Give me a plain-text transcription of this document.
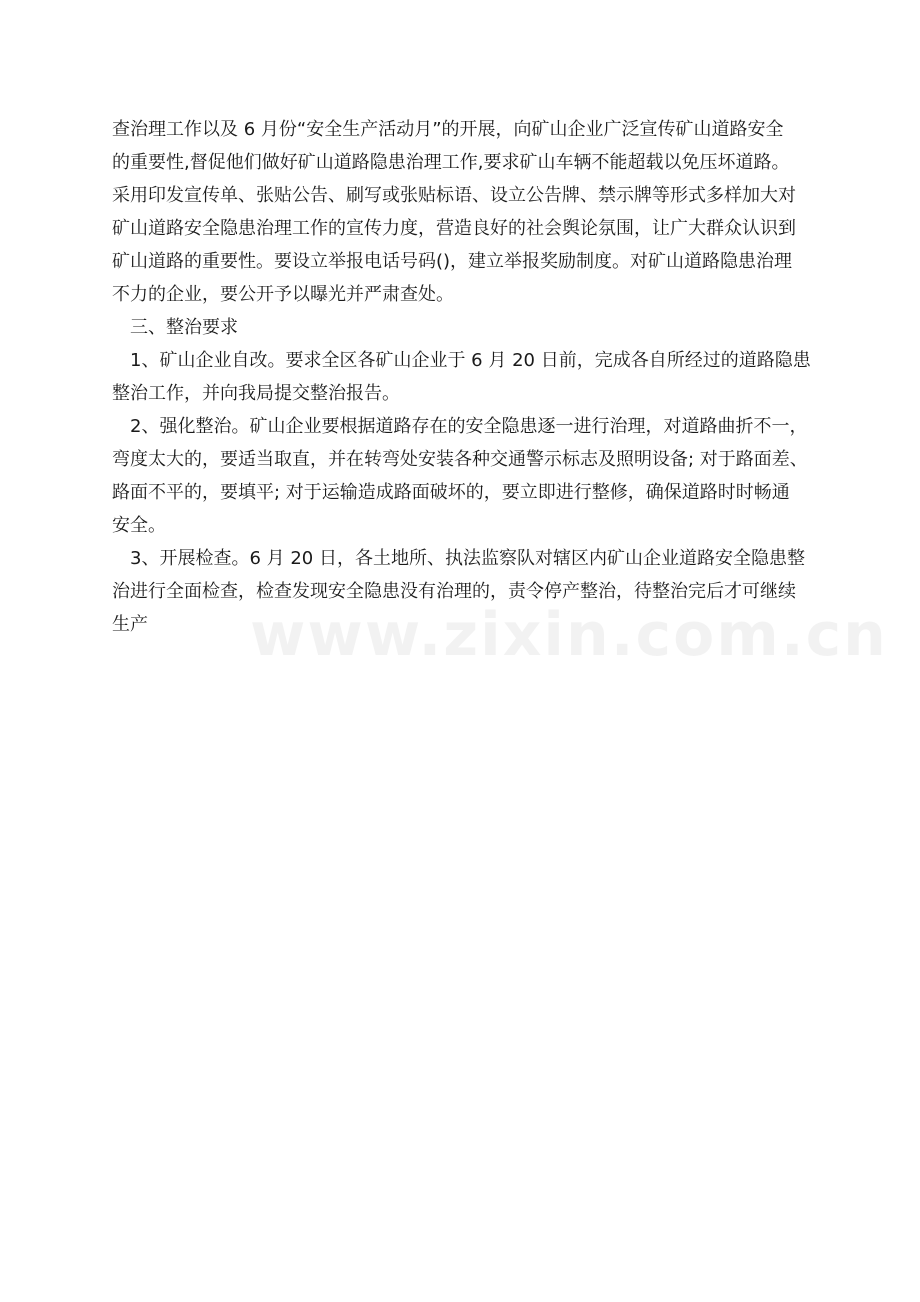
查治理工作以及 6 月份“安全生产活动月”的开展，向矿山企业广泛宣传矿山道路安全
的重要性,督促他们做好矿山道路隐患治理工作,要求矿山车辆不能超载以免压坏道路。
采用印发宣传单、张贴公告、刷写或张贴标语、设立公告牌、禁示牌等形式多样加大对
矿山道路安全隐患治理工作的宣传力度，营造良好的社会舆论氛围，让广大群众认识到
矿山道路的重要性。要设立举报电话号码()，建立举报奖励制度。对矿山道路隐患治理
不力的企业，要公开予以曝光并严肃查处。
三、整治要求
1、矿山企业自改。要求全区各矿山企业于 6 月 20 日前，完成各自所经过的道路隐患
整治工作，并向我局提交整治报告。
2、强化整治。矿山企业要根据道路存在的安全隐患逐一进行治理，对道路曲折不一，
弯度太大的，要适当取直，并在转弯处安装各种交通警示标志及照明设备; 对于路面差、
路面不平的，要填平; 对于运输造成路面破坏的，要立即进行整修，确保道路时时畅通
安全。
3、开展检查。6 月 20 日，各土地所、执法监察队对辖区内矿山企业道路安全隐患整
治进行全面检查，检查发现安全隐患没有治理的，责令停产整治，待整治完后才可继续
生产	www.zixin.com.cn
